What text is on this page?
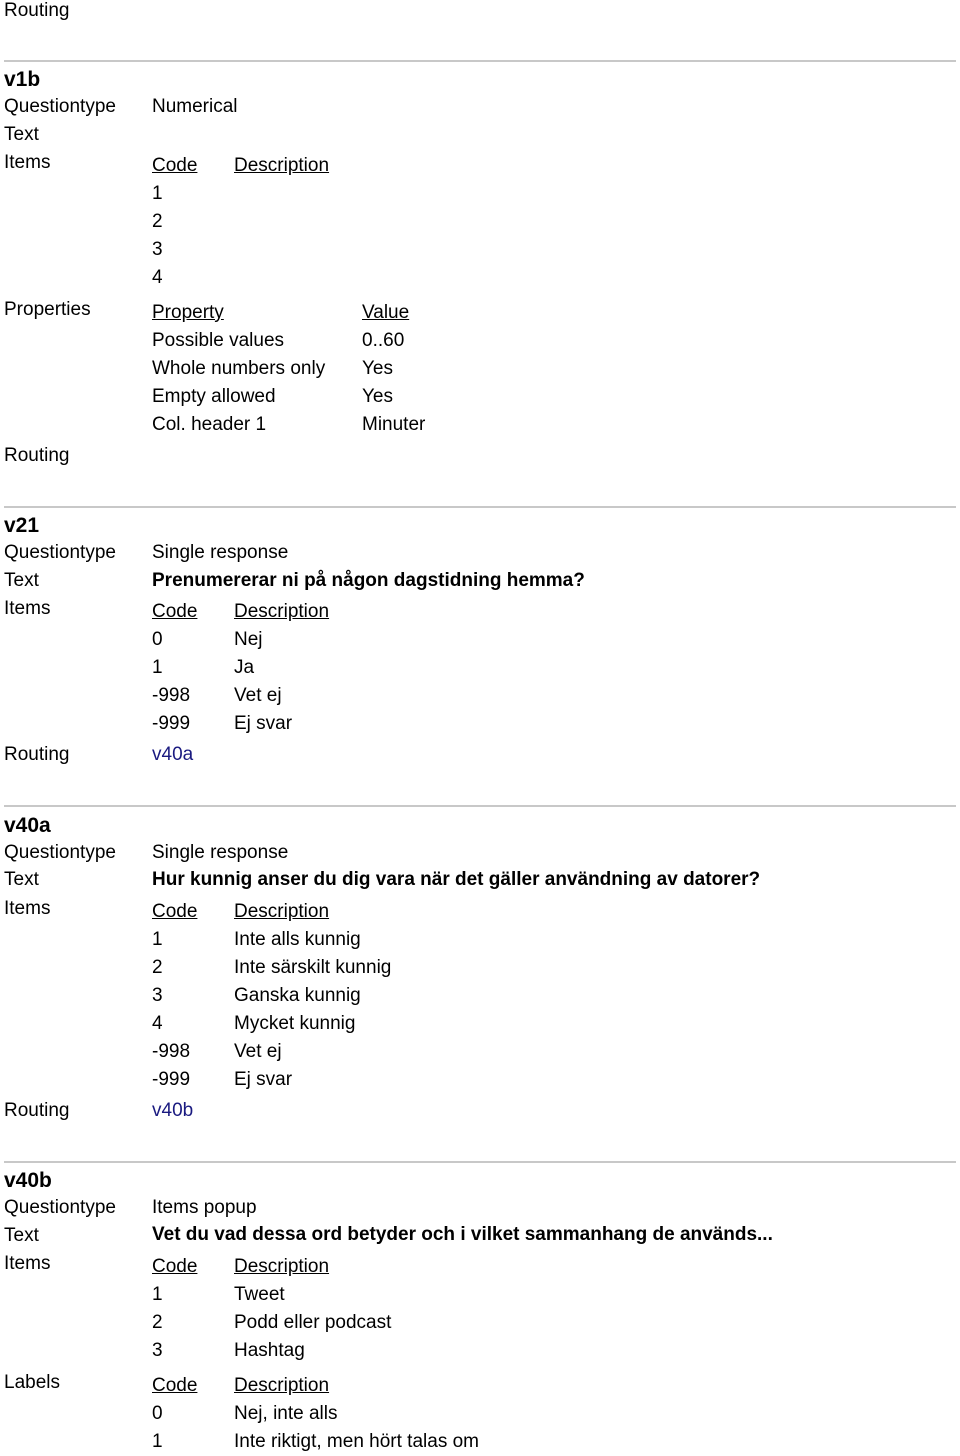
Routing
v1b
Questiontype Numerical
Text
Items	Code Description
1
2
3
4
Properties	Property	Value
Possible values	0..60
Whole numbers only Yes
Empty allowed	Yes
Col. header 1	Minuter
Routing
v21
Questiontype Single response
Text	Prenumererar ni på någon dagstidning hemma?
Items	Code Description
0	Nej
1	Ja
-998 Vet ej
-999 Ej svar
Routing	v40a
v40a
Questiontype Single response
Text	Hur kunnig anser du dig vara när det gäller användning av datorer?
Items	Code Description
1	Inte alls kunnig
2	Inte särskilt kunnig
3	Ganska kunnig
4	Mycket kunnig
-998 Vet ej
-999 Ej svar
Routing	v40b
v40b
Questiontype Items popup
Text	Vet du vad dessa ord betyder och i vilket sammanhang de används...
Items	Code Description
1	Tweet
2	Podd eller podcast
3	Hashtag
Labels	Code Description
0	Nej, inte alls
1	Inte riktigt, men hört talas om
